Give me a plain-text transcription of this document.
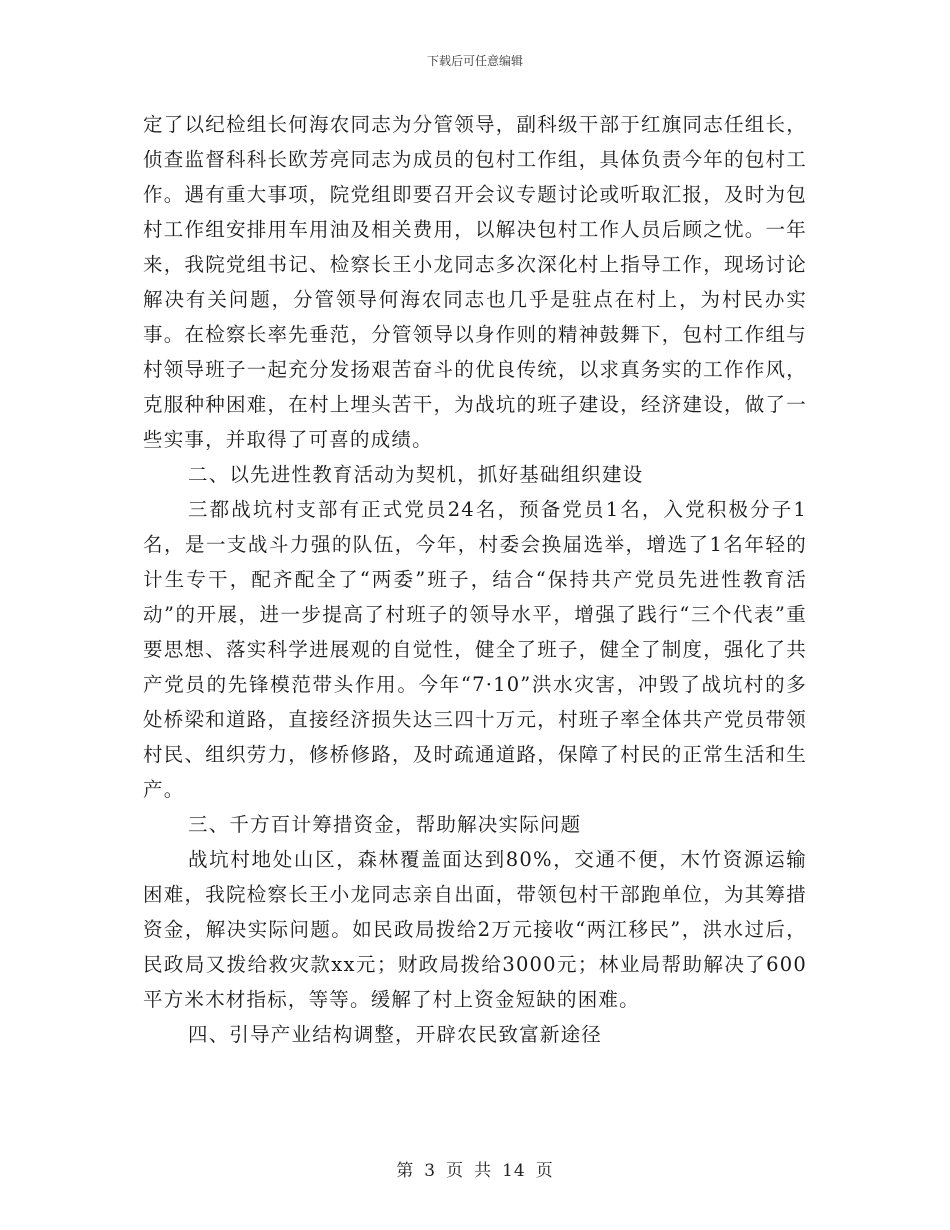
下载后可任意编辑

定了以纪检组长何海农同志为分管领导，副科级干部于红旗同志任组长，侦查监督科科长欧芳亮同志为成员的包村工作组，具体负责今年的包村工作。遇有重大事项，院党组即要召开会议专题讨论或听取汇报，及时为包村工作组安排用车用油及相关费用，以解决包村工作人员后顾之忧。一年来，我院党组书记、检察长王小龙同志多次深化村上指导工作，现场讨论解决有关问题，分管领导何海农同志也几乎是驻点在村上，为村民办实事。在检察长率先垂范，分管领导以身作则的精神鼓舞下，包村工作组与村领导班子一起充分发扬艰苦奋斗的优良传统，以求真务实的工作作风，克服种种困难，在村上埋头苦干，为战坑的班子建设，经济建设，做了一些实事，并取得了可喜的成绩。

二、以先进性教育活动为契机，抓好基础组织建设

三都战坑村支部有正式党员24名，预备党员1名，入党积极分子1名，是一支战斗力强的队伍，今年，村委会换届选举，增选了1名年轻的计生专干，配齐配全了“两委”班子，结合“保持共产党员先进性教育活动”的开展，进一步提高了村班子的领导水平，增强了践行“三个代表”重要思想、落实科学进展观的自觉性，健全了班子，健全了制度，强化了共产党员的先锋模范带头作用。今年“7·10”洪水灾害，冲毁了战坑村的多处桥梁和道路，直接经济损失达三四十万元，村班子率全体共产党员带领村民、组织劳力，修桥修路，及时疏通道路，保障了村民的正常生活和生产。

三、千方百计筹措资金，帮助解决实际问题

战坑村地处山区，森林覆盖面达到80%，交通不便，木竹资源运输困难，我院检察长王小龙同志亲自出面，带领包村干部跑单位，为其筹措资金，解决实际问题。如民政局拨给2万元接收“两江移民”，洪水过后，民政局又拨给救灾款xx元；财政局拨给3000元；林业局帮助解决了600平方米木材指标，等等。缓解了村上资金短缺的困难。

四、引导产业结构调整，开辟农民致富新途径

第 3 页 共 14 页
